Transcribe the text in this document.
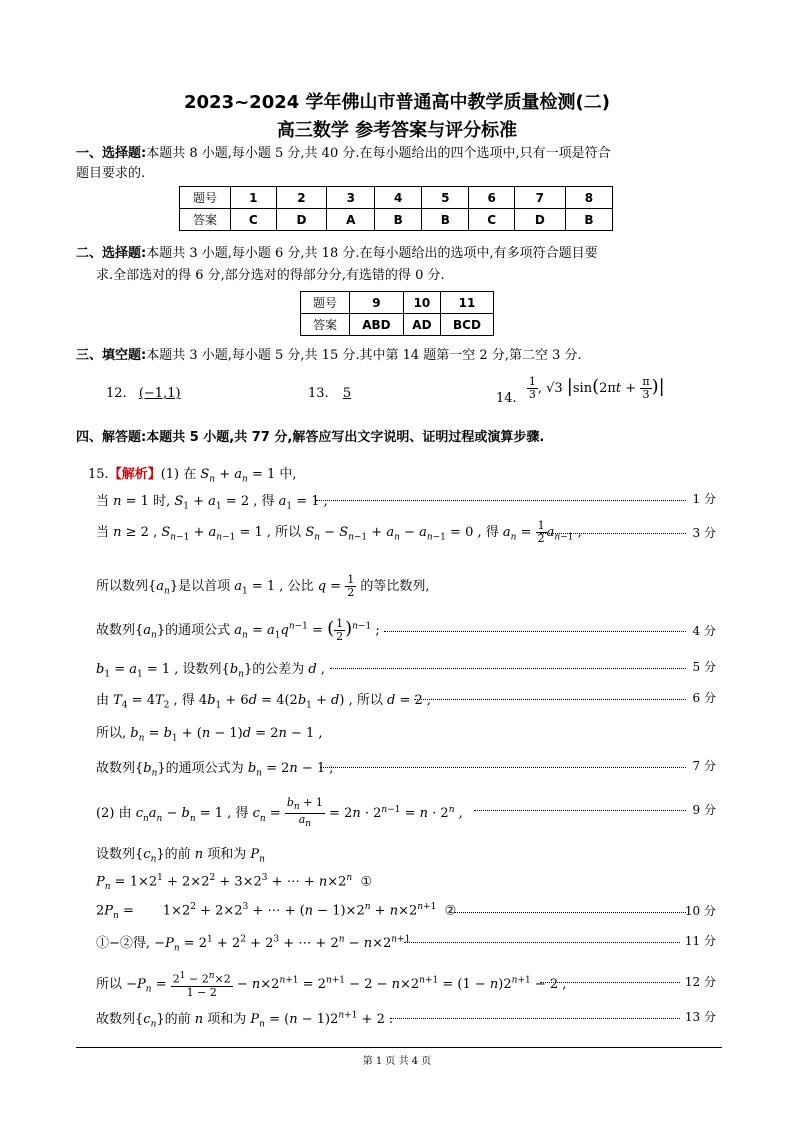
2023~2024 学年佛山市普通高中教学质量检测(二)
高三数学 参考答案与评分标准
一、选择题:本题共 8 小题,每小题 5 分,共 40 分.在每小题给出的四个选项中,只有一项是符合
题目要求的.
题号	1	2	3	4	5	6	7	8
答案	C	D	A	B	B	C	D	B
二、选择题:本题共 3 小题,每小题 6 分,共 18 分.在每小题给出的选项中,有多项符合题目要
求.全部选对的得 6 分,部分选对的得部分分,有选错的得 0 分.
题号	9	10	11
答案	ABD	AD	BCD
三、填空题:本题共 3 小题,每小题 5 分,共 15 分.其中第 14 题第一空 2 分,第二空 3 分.
12. (−1,1)	13. 5	14. $\frac{1}{3}$ , √3 $|\sin(2\pi t + \frac{\pi}{3}$ )|
四、解答题:本题共 5 小题,共 77 分,解答应写出文字说明、证明过程或演算步骤.
15.【解析】(1) 在 $S_n + a_n = 1$ 中,
当 n = 1 时, $S_1 + a_1 = 2$ , 得 $a_1 = 1$ ,	1 分
当 n ≥ 2 , $S_{n-1} + a_{n-1} = 1$ , 所以 $S_n - S_{n-1} + a_n - a_{n-1} = 0$ , 得 $a_n = \frac{1}{2} a_{n-1}$ ,	3 分
所以数列$\{a_n\}$是以首项 $a_1 = 1$ , 公比 $q = \frac{1}{2}$ 的等比数列,
故数列$\{a_n\}$的通项公式 $a_n = a_1q^{n-1}$ = ( $\frac{1}{2} )^{n-1}$ ;	4 分
$b_1 = a_1 = 1$ , 设数列$\{b_n\}$的公差为 d ,	5 分
由 $T_4 = 4T_2$ , 得 $4b_1 + 6d = 4(2b_1 + d)$ , 所以 d = 2 ,	6 分
所以, $b_n = b_1 + (n - 1)d = 2n - 1$ ,
故数列$\{b_n\}$的通项公式为 $b_n = 2n - 1$ ;	7 分
(2) 由 $c_na_n - b_n = 1$ , 得 $c_n = \frac{b_n + 1}{a_n} = 2n \cdot 2^{n-1} = n \cdot 2^n$ ,	9 分
设数列$\{c_n\}$的前 n 项和为 $P_n$
$P_n = 1\times 2^1 + 2\times 2^2 + 3\times 2^3$ + ⋯ + $n\times 2^n$  ①
$2P_n$ =       $1\times 2^2 + 2\times 2^3$ + ⋯ + $(n - 1)\times 2^n + n\times 2^{n+1}$  ②	10 分
①−②得, $-P_n = 2^1 + 2^2 + 2^3$ + ⋯ + $2^n - n\times 2^{n+1}$	11 分
所以 $-P_n = \frac{2^1 - 2^n\times 2}{1 - 2} - n\times 2^{n+1} = 2^{n+1} - 2 - n\times 2^{n+1} = (1 - n)2^{n+1} - 2$ ,	12 分
故数列$\{c_n\}$的前 n 项和为 $P_n = (n - 1)2^{n+1} + 2$ .	13 分
第 1 页 共 4 页
